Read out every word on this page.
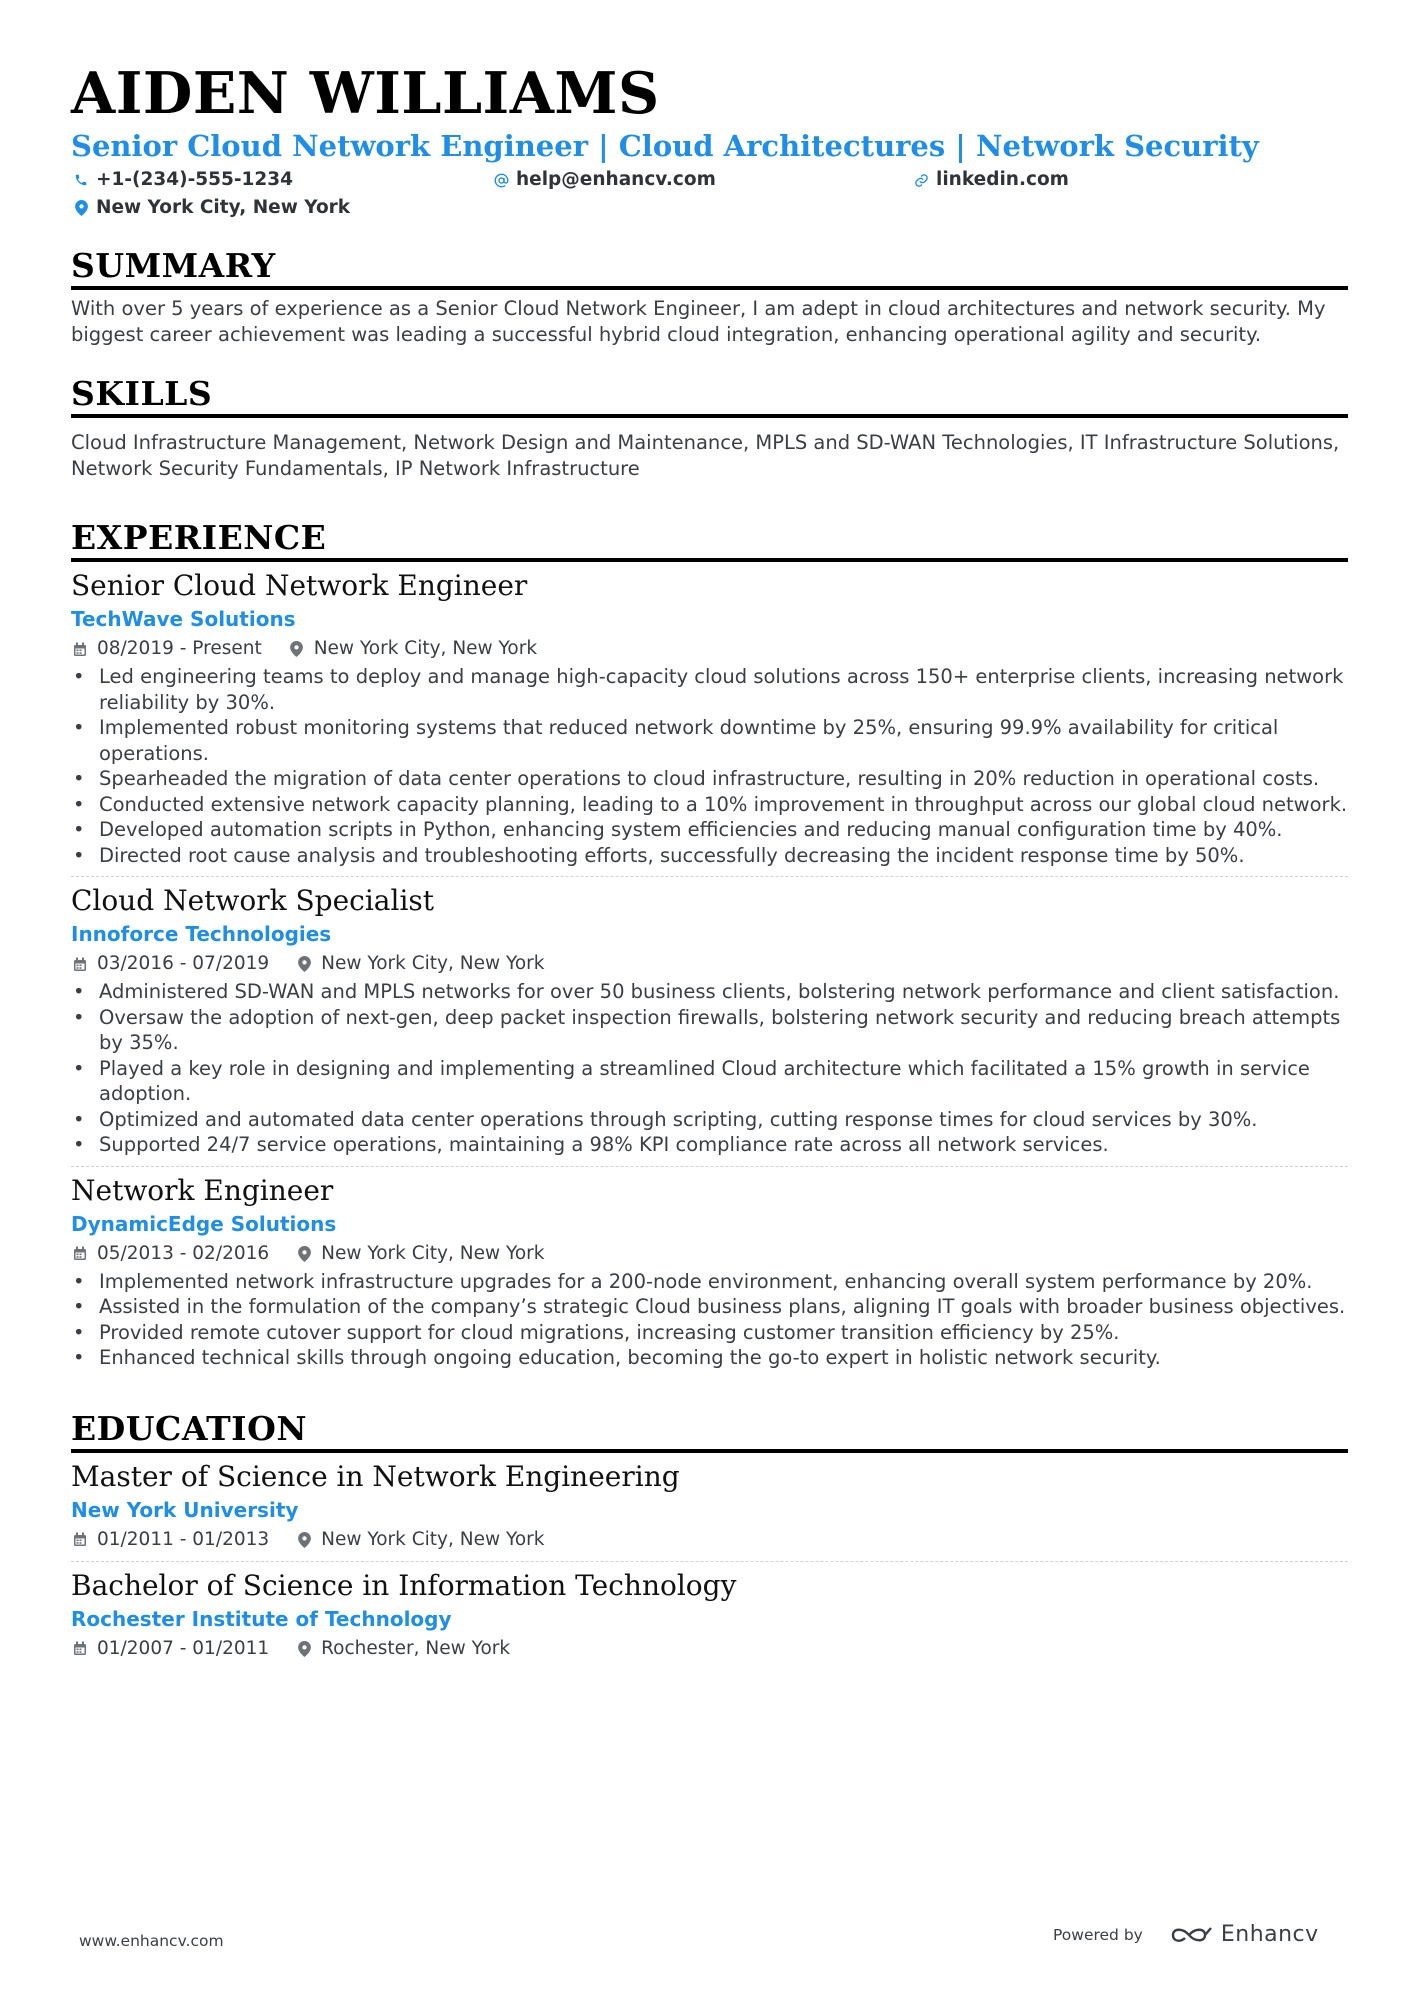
AIDEN WILLIAMS
Senior Cloud Network Engineer | Cloud Architectures | Network Security
+1-(234)-555-1234	help@enhancv.com	linkedin.com
New York City, New York
SUMMARY
With over 5 years of experience as a Senior Cloud Network Engineer, I am adept in cloud architectures and network security. My biggest career achievement was leading a successful hybrid cloud integration, enhancing operational agility and security.
SKILLS
Cloud Infrastructure Management, Network Design and Maintenance, MPLS and SD-WAN Technologies, IT Infrastructure Solutions, Network Security Fundamentals, IP Network Infrastructure
EXPERIENCE
Senior Cloud Network Engineer
TechWave Solutions
08/2019 - Present	New York City, New York
• Led engineering teams to deploy and manage high-capacity cloud solutions across 150+ enterprise clients, increasing network reliability by 30%.
• Implemented robust monitoring systems that reduced network downtime by 25%, ensuring 99.9% availability for critical operations.
• Spearheaded the migration of data center operations to cloud infrastructure, resulting in 20% reduction in operational costs.
• Conducted extensive network capacity planning, leading to a 10% improvement in throughput across our global cloud network.
• Developed automation scripts in Python, enhancing system efficiencies and reducing manual configuration time by 40%.
• Directed root cause analysis and troubleshooting efforts, successfully decreasing the incident response time by 50%.
Cloud Network Specialist
Innoforce Technologies
03/2016 - 07/2019	New York City, New York
• Administered SD-WAN and MPLS networks for over 50 business clients, bolstering network performance and client satisfaction.
• Oversaw the adoption of next-gen, deep packet inspection firewalls, bolstering network security and reducing breach attempts by 35%.
• Played a key role in designing and implementing a streamlined Cloud architecture which facilitated a 15% growth in service adoption.
• Optimized and automated data center operations through scripting, cutting response times for cloud services by 30%.
• Supported 24/7 service operations, maintaining a 98% KPI compliance rate across all network services.
Network Engineer
DynamicEdge Solutions
05/2013 - 02/2016	New York City, New York
• Implemented network infrastructure upgrades for a 200-node environment, enhancing overall system performance by 20%.
• Assisted in the formulation of the company’s strategic Cloud business plans, aligning IT goals with broader business objectives.
• Provided remote cutover support for cloud migrations, increasing customer transition efficiency by 25%.
• Enhanced technical skills through ongoing education, becoming the go-to expert in holistic network security.
EDUCATION
Master of Science in Network Engineering
New York University
01/2011 - 01/2013	New York City, New York
Bachelor of Science in Information Technology
Rochester Institute of Technology
01/2007 - 01/2011	Rochester, New York
www.enhancv.com	Powered by	Enhancv
